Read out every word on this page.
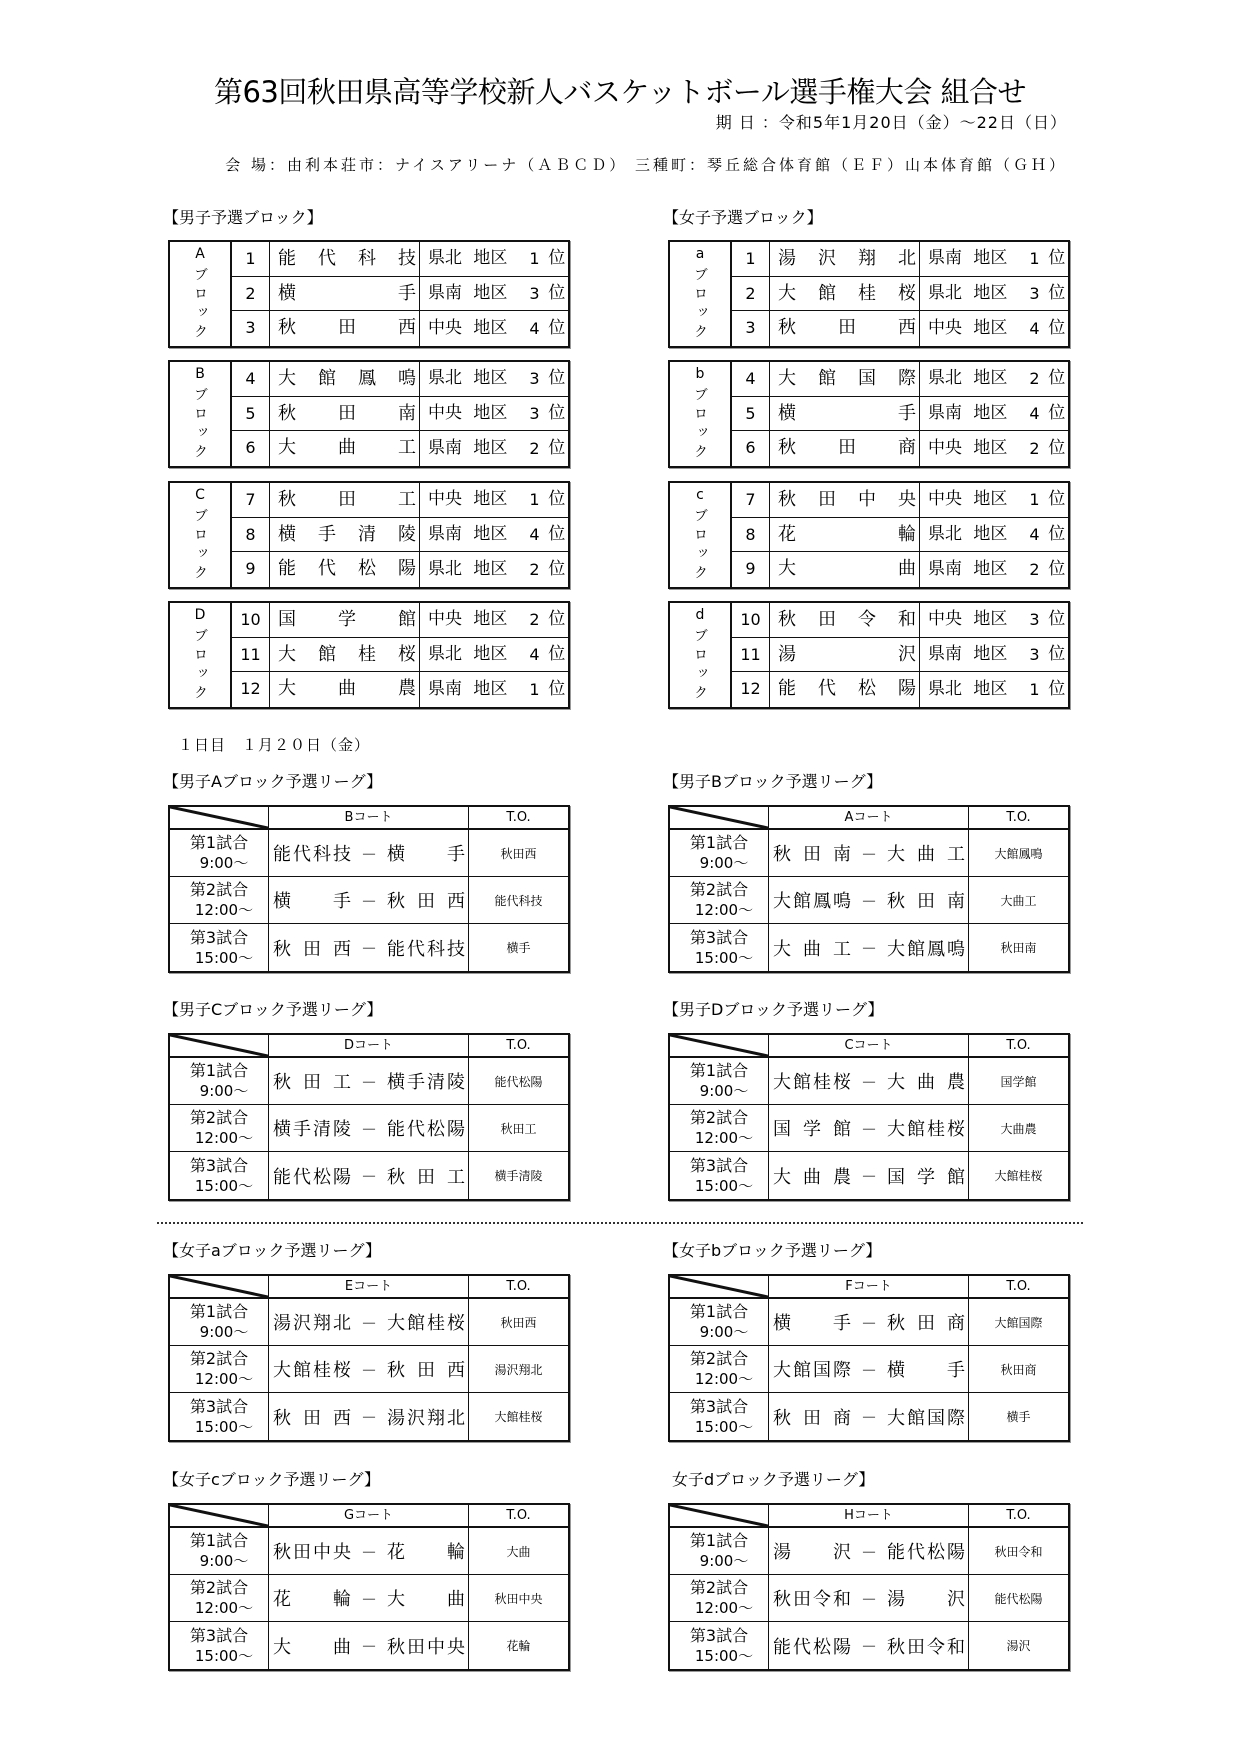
第63回秋田県高等学校新人バスケットボール選手権大会 組合せ
期 日 ：令和5年1月20日（金）～22日（日）
会 場：由利本荘市：ナイスアリーナ（ＡＢＣＤ） 三種町：琴丘総合体育館（ＥＦ）山本体育館（ＧＨ）
【男子予選ブロック】	【女子予選ブロック】
Aブロック	1	能代科技 県北 地区	1 位
2	横手 県南 地区	3 位
3	秋田西 中央 地区	4 位
Bブロック	4	大館鳳鳴 県北 地区	3 位
5	秋田南 中央 地区	3 位
6	大曲工 県南 地区	2 位
Cブロック	7	秋田工 中央 地区	1 位
8	横手清陵 県南 地区	4 位
9	能代松陽 県北 地区	2 位
Dブロック	10 国学館 中央 地区	2 位
11 大館桂桜 県北 地区	4 位
12 大曲農 県南 地区	1 位
aブロック	1	湯沢翔北 県南 地区	1 位
2	大館桂桜 県北 地区	3 位
3	秋田西 中央 地区	4 位
bブロック	4	大館国際 県北 地区	2 位
5	横手 県南 地区	4 位
6	秋田商 中央 地区	2 位
cブロック	7	秋田中央 中央 地区	1 位
8	花輪 県北 地区	4 位
9	大曲 県南 地区	2 位
dブロック	10 秋田令和 中央 地区	3 位
11 湯沢 県南 地区	3 位
12 能代松陽 県北 地区	1 位
１日目　１月２０日（金）
【男子Aブロック予選リーグ】
Bコート	T.O.
第1試合
9:00～ 能代科技 － 横手	秋田西
第2試合
12:00～ 横手 － 秋田西	能代科技
第3試合
15:00～ 秋田西 － 能代科技	横手
【男子Bブロック予選リーグ】
Aコート	T.O.
第1試合
9:00～ 秋田南 － 大曲工	大館鳳鳴
第2試合
12:00～ 大館鳳鳴 － 秋田南	大曲工
第3試合
15:00～ 大曲工 － 大館鳳鳴	秋田南
【男子Cブロック予選リーグ】
Dコート	T.O.
第1試合
9:00～ 秋田工 － 横手清陵	能代松陽
第2試合
12:00～ 横手清陵 － 能代松陽	秋田工
第3試合
15:00～ 能代松陽 － 秋田工	横手清陵
【男子Dブロック予選リーグ】
Cコート	T.O.
第1試合
9:00～ 大館桂桜 － 大曲農	国学館
第2試合
12:00～ 国学館 － 大館桂桜	大曲農
第3試合
15:00～ 大曲農 － 国学館	大館桂桜
【女子aブロック予選リーグ】
Eコート	T.O.
第1試合
9:00～ 湯沢翔北 － 大館桂桜	秋田西
第2試合
12:00～ 大館桂桜 － 秋田西	湯沢翔北
第3試合
15:00～ 秋田西 － 湯沢翔北	大館桂桜
【女子bブロック予選リーグ】
Fコート	T.O.
第1試合
9:00～ 横手 － 秋田商	大館国際
第2試合
12:00～ 大館国際 － 横手	秋田商
第3試合
15:00～ 秋田商 － 大館国際	横手
【女子cブロック予選リーグ】
Gコート	T.O.
第1試合
9:00～ 秋田中央 － 花輪	大曲
第2試合
12:00～ 花輪 － 大曲	秋田中央
第3試合
15:00～ 大曲 － 秋田中央	花輪
女子dブロック予選リーグ】
Hコート	T.O.
第1試合
9:00～ 湯沢 － 能代松陽	秋田令和
第2試合
12:00～ 秋田令和 － 湯沢	能代松陽
第3試合
15:00～ 能代松陽 － 秋田令和	湯沢
